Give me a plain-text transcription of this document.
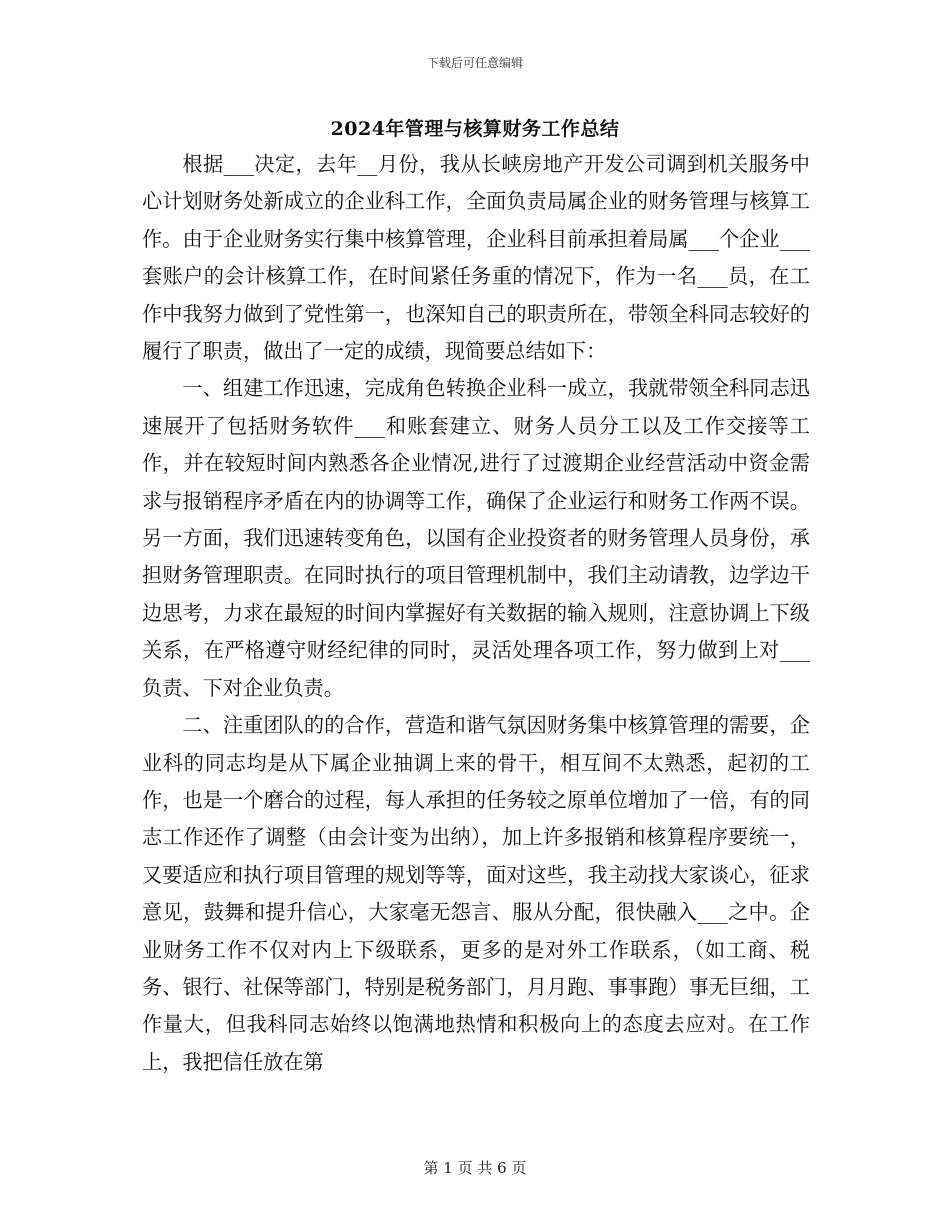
下载后可任意编辑
2024年管理与核算财务工作总结

根据___决定，去年__月份，我从长峡房地产开发公司调到机关服务中心计划财务处新成立的企业科工作，全面负责局属企业的财务管理与核算工作。由于企业财务实行集中核算管理，企业科目前承担着局属___个企业___套账户的会计核算工作，在时间紧任务重的情况下，作为一名___员，在工作中我努力做到了党性第一，也深知自己的职责所在，带领全科同志较好的履行了职责，做出了一定的成绩，现简要总结如下：

一、组建工作迅速，完成角色转换企业科一成立，我就带领全科同志迅速展开了包括财务软件___和账套建立、财务人员分工以及工作交接等工作，并在较短时间内熟悉各企业情况,进行了过渡期企业经营活动中资金需求与报销程序矛盾在内的协调等工作，确保了企业运行和财务工作两不误。另一方面，我们迅速转变角色，以国有企业投资者的财务管理人员身份，承担财务管理职责。在同时执行的项目管理机制中，我们主动请教，边学边干边思考，力求在最短的时间内掌握好有关数据的输入规则，注意协调上下级关系，在严格遵守财经纪律的同时，灵活处理各项工作，努力做到上对___负责、下对企业负责。

二、注重团队的的合作，营造和谐气氛因财务集中核算管理的需要，企业科的同志均是从下属企业抽调上来的骨干，相互间不太熟悉，起初的工作，也是一个磨合的过程，每人承担的任务较之原单位增加了一倍，有的同志工作还作了调整（由会计变为出纳），加上许多报销和核算程序要统一，又要适应和执行项目管理的规划等等，面对这些，我主动找大家谈心，征求意见，鼓舞和提升信心，大家毫无怨言、服从分配，很快融入___之中。企业财务工作不仅对内上下级联系，更多的是对外工作联系，（如工商、税务、银行、社保等部门，特别是税务部门，月月跑、事事跑）事无巨细，工作量大，但我科同志始终以饱满地热情和积极向上的态度去应对。在工作上，我把信任放在第

第 1 页 共 6 页
